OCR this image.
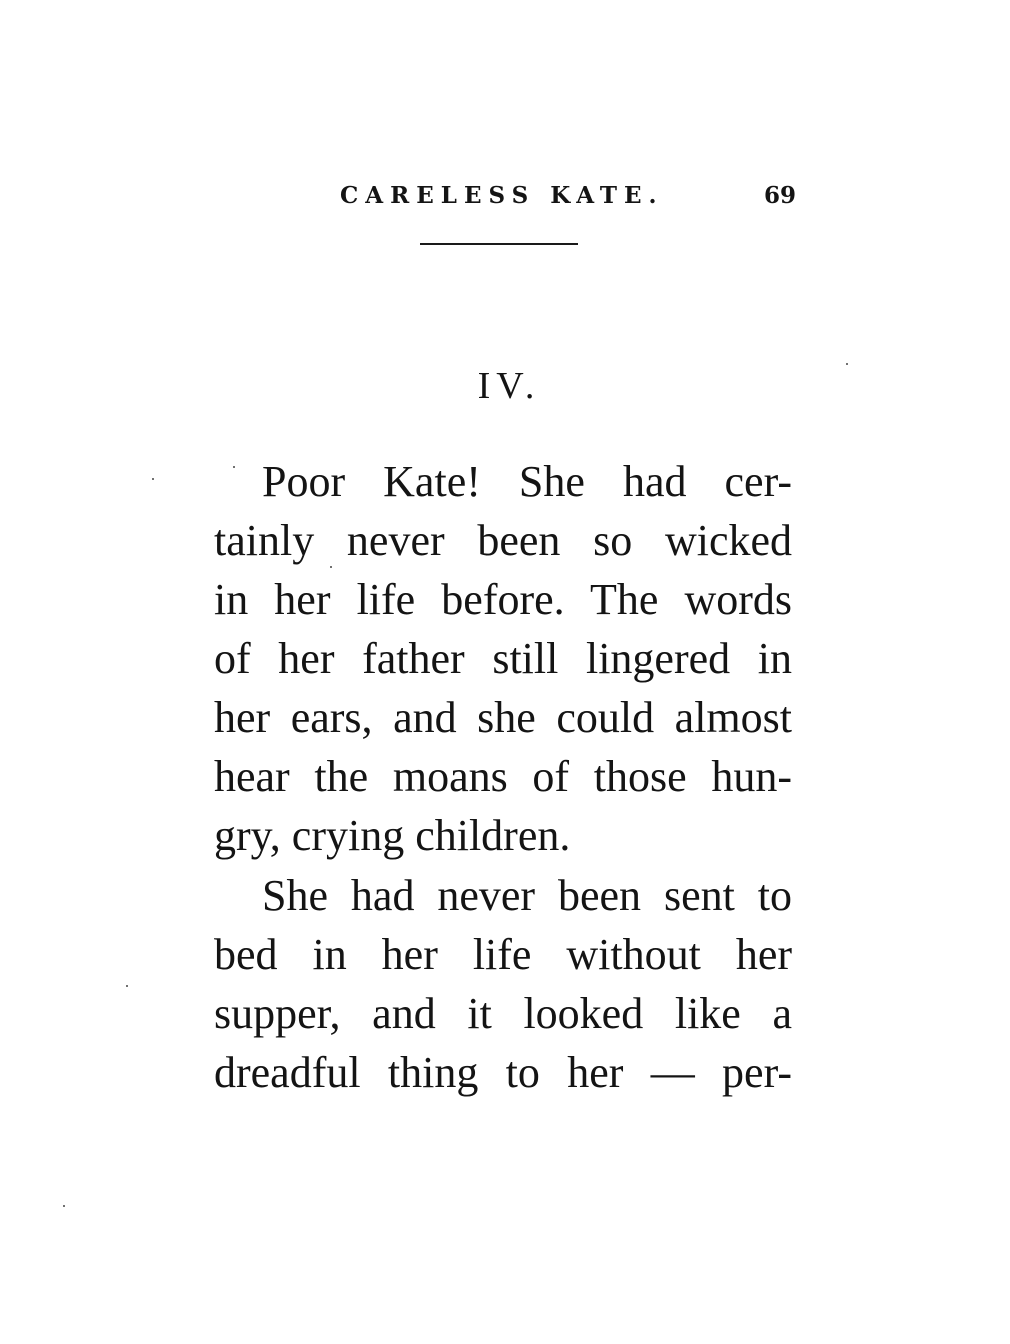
CARELESS KATE.	69
IV.
Poor Kate! She had cer-
tainly never been so wicked
in her life before. The words
of her father still lingered in
her ears, and she could almost
hear the moans of those hun-
gry, crying children.
She had never been sent to
bed in her life without her
supper, and it looked like a
dreadful thing to her — per-
